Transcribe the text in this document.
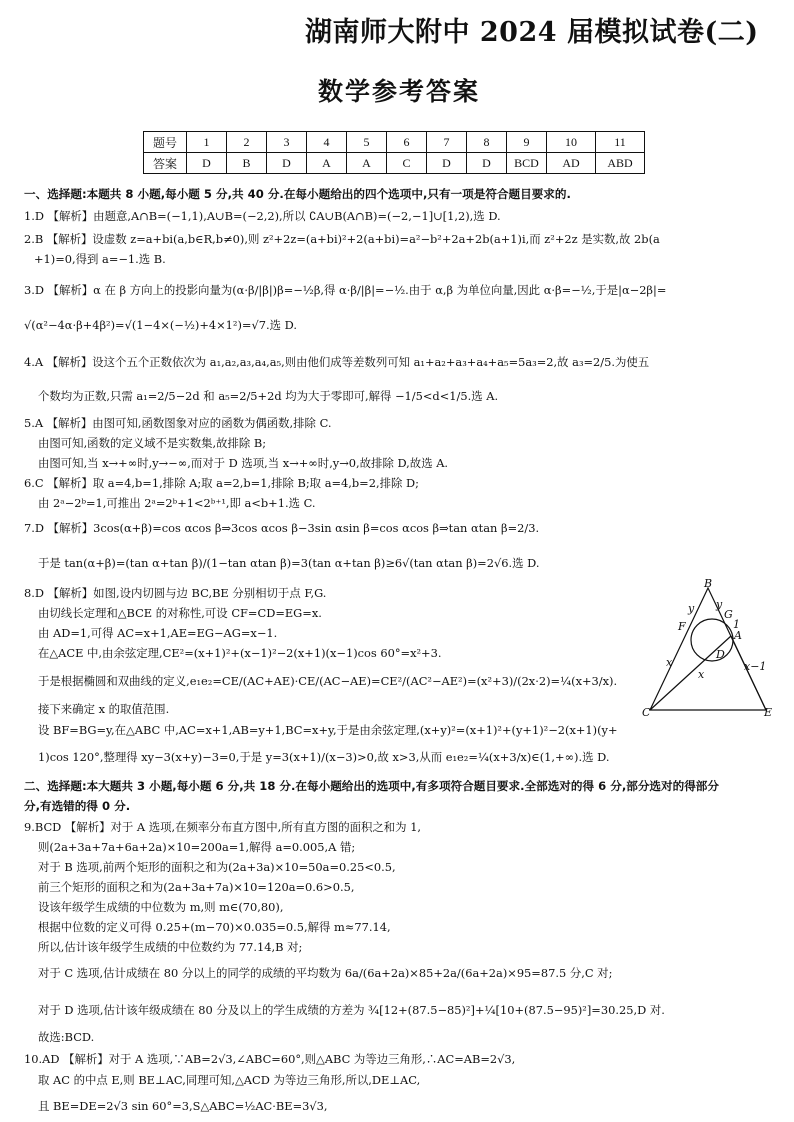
湖南师大附中 2024 届模拟试卷(二)
数学参考答案
题号	1	2	3	4	5	6	7	8	9	10	11
答案	D	B	D	A	A	C	D	D	BCD	AD	ABD
一、选择题:本题共 8 小题,每小题 5 分,共 40 分.在每小题给出的四个选项中,只有一项是符合题目要求的.
1.D 【解析】由题意,A∩B=(−1,1),A∪B=(−2,2),所以 ∁A∪B(A∩B)=(−2,−1]∪[1,2),选 D.
2.B 【解析】设虚数 z=a+bi(a,b∈R,b≠0),则 z²+2z=(a+bi)²+2(a+bi)=a²−b²+2a+2b(a+1)i,而 z²+2z 是实数,故 2b(a
+1)=0,得到 a=−1.选 B.
3.D 【解析】α 在 β 方向上的投影向量为(α·β/|β|)β=−½β,得 α·β/|β|=−½.由于 α,β 为单位向量,因此 α·β=−½,于是|α−2β|=
√(α²−4α·β+4β²)=√(1−4×(−½)+4×1²)=√7.选 D.
4.A 【解析】设这个五个正数依次为 a₁,a₂,a₃,a₄,a₅,则由他们成等差数列可知 a₁+a₂+a₃+a₄+a₅=5a₃=2,故 a₃=2/5.为使五
个数均为正数,只需 a₁=2/5−2d 和 a₅=2/5+2d 均为大于零即可,解得 −1/5<d<1/5.选 A.
5.A 【解析】由图可知,函数图象对应的函数为偶函数,排除 C.
由图可知,函数的定义域不是实数集,故排除 B;
由图可知,当 x→+∞时,y→−∞,而对于 D 选项,当 x→+∞时,y→0,故排除 D,故选 A.
6.C 【解析】取 a=4,b=1,排除 A;取 a=2,b=1,排除 B;取 a=4,b=2,排除 D;
由 2ᵃ−2ᵇ=1,可推出 2ᵃ=2ᵇ+1<2ᵇ⁺¹,即 a<b+1.选 C.
7.D 【解析】3cos(α+β)=cos αcos β⇒3cos αcos β−3sin αsin β=cos αcos β⇒tan αtan β=2/3.
于是 tan(α+β)=(tan α+tan β)/(1−tan αtan β)=3(tan α+tan β)≥6√(tan αtan β)=2√6.选 D.
8.D 【解析】如图,设内切圆与边 BC,BE 分别相切于点 F,G.
由切线长定理和△BCE 的对称性,可设 CF=CD=EG=x.
由 AD=1,可得 AC=x+1,AE=EG−AG=x−1.
在△ACE 中,由余弦定理,CE²=(x+1)²+(x−1)²−2(x+1)(x−1)cos 60°=x²+3.
于是根据椭圆和双曲线的定义,e₁e₂=CE/(AC+AE)·CE/(AC−AE)=CE²/(AC²−AE²)=(x²+3)/(2x·2)=¼(x+3/x).
接下来确定 x 的取值范围.
设 BF=BG=y,在△ABC 中,AC=x+1,AB=y+1,BC=x+y,于是由余弦定理,(x+y)²=(x+1)²+(y+1)²−2(x+1)(y+
1)cos 120°,整理得 xy−3(x+y)−3=0,于是 y=3(x+1)/(x−3)>0,故 x>3,从而 e₁e₂=¼(x+3/x)∈(1,+∞).选 D.
二、选择题:本大题共 3 小题,每小题 6 分,共 18 分.在每小题给出的选项中,有多项符合题目要求.全部选对的得 6 分,部分选对的得部分
分,有选错的得 0 分.
9.BCD 【解析】对于 A 选项,在频率分布直方图中,所有直方图的面积之和为 1,
则(2a+3a+7a+6a+2a)×10=200a=1,解得 a=0.005,A 错;
对于 B 选项,前两个矩形的面积之和为(2a+3a)×10=50a=0.25<0.5,
前三个矩形的面积之和为(2a+3a+7a)×10=120a=0.6>0.5,
设该年级学生成绩的中位数为 m,则 m∈(70,80),
根据中位数的定义可得 0.25+(m−70)×0.035=0.5,解得 m≈77.14,
所以,估计该年级学生成绩的中位数约为 77.14,B 对;
对于 C 选项,估计成绩在 80 分以上的同学的成绩的平均数为 6a/(6a+2a)×85+2a/(6a+2a)×95=87.5 分,C 对;
对于 D 选项,估计该年级成绩在 80 分及以上的学生成绩的方差为 ¾[12+(87.5−85)²]+¼[10+(87.5−95)²]=30.25,D 对.
故选:BCD.
10.AD 【解析】对于 A 选项,∵AB=2√3,∠ABC=60°,则△ABC 为等边三角形,∴AC=AB=2√3,
取 AC 的中点 E,则 BE⊥AC,同理可知,△ACD 为等边三角形,所以,DE⊥AC,
且 BE=DE=2√3 sin 60°=3,S△ABC=½AC·BE=3√3,
B
F
G
A
D
C	E
y y
1
x
x
x−1
